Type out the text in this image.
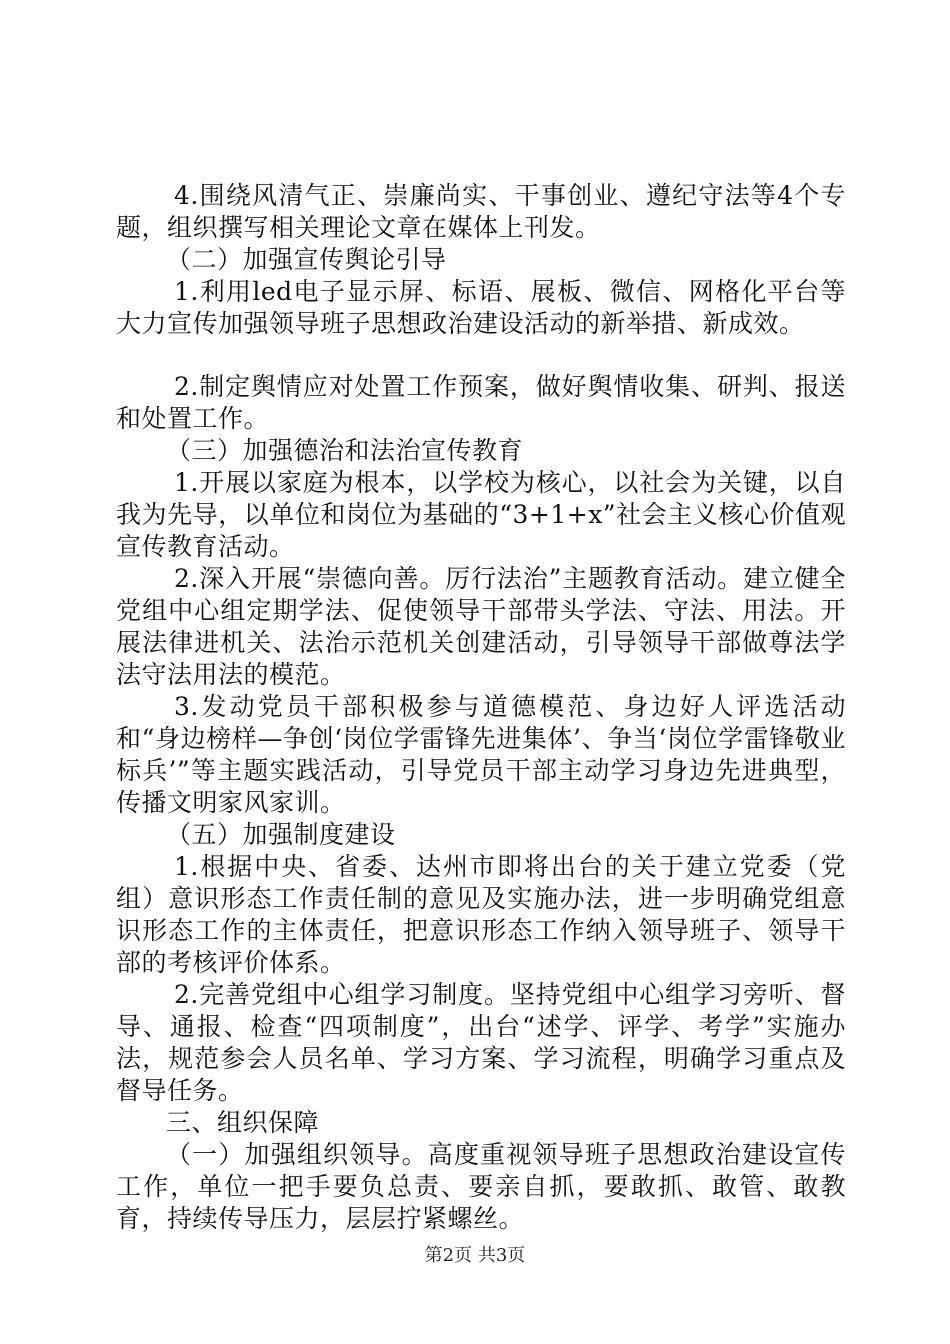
4.围绕风清气正、崇廉尚实、干事创业、遵纪守法等4个专题，组织撰写相关理论文章在媒体上刊发。

（二）加强宣传舆论引导

1.利用led电子显示屏、标语、展板、微信、网格化平台等大力宣传加强领导班子思想政治建设活动的新举措、新成效。

2.制定舆情应对处置工作预案，做好舆情收集、研判、报送和处置工作。

（三）加强德治和法治宣传教育

1.开展以家庭为根本，以学校为核心，以社会为关键，以自我为先导，以单位和岗位为基础的“3+1+x”社会主义核心价值观宣传教育活动。

2.深入开展“崇德向善。厉行法治”主题教育活动。建立健全党组中心组定期学法、促使领导干部带头学法、守法、用法。开展法律进机关、法治示范机关创建活动，引导领导干部做尊法学法守法用法的模范。

3.发动党员干部积极参与道德模范、身边好人评选活动和“身边榜样—争创‘岗位学雷锋先进集体’、争当‘岗位学雷锋敬业标兵’”等主题实践活动，引导党员干部主动学习身边先进典型，传播文明家风家训。

（五）加强制度建设

1.根据中央、省委、达州市即将出台的关于建立党委（党组）意识形态工作责任制的意见及实施办法，进一步明确党组意识形态工作的主体责任，把意识形态工作纳入领导班子、领导干部的考核评价体系。

2.完善党组中心组学习制度。坚持党组中心组学习旁听、督导、通报、检查“四项制度”，出台“述学、评学、考学”实施办法，规范参会人员名单、学习方案、学习流程，明确学习重点及督导任务。

三、组织保障

（一）加强组织领导。高度重视领导班子思想政治建设宣传工作，单位一把手要负总责、要亲自抓，要敢抓、敢管、敢教育，持续传导压力，层层拧紧螺丝。

第2页 共3页
